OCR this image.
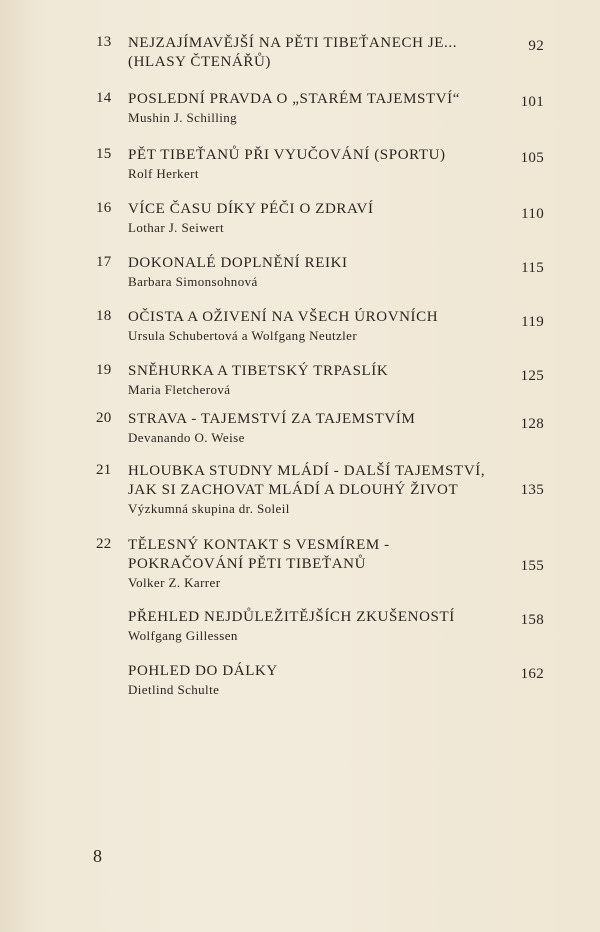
13	NEJZAJÍMAVĚJŠÍ NA PĚTI TIBEŤANECH JE...
(HLASY ČTENÁŘŮ)
92
14	POSLEDNÍ PRAVDA O „STARÉM TAJEMSTVÍ“
Mushin J. Schilling
101
15	PĚT TIBEŤANŮ PŘI VYUČOVÁNÍ (SPORTU)
Rolf Herkert
105
16	VÍCE ČASU DÍKY PÉČI O ZDRAVÍ
Lothar J. Seiwert
110
17	DOKONALÉ DOPLNĚNÍ REIKI
Barbara Simonsohnová
115
18	OČISTA A OŽIVENÍ NA VŠECH ÚROVNÍCH
Ursula Schubertová a Wolfgang Neutzler
119
19	SNĚHURKA A TIBETSKÝ TRPASLÍK
Maria Fletcherová
125
20	STRAVA - TAJEMSTVÍ ZA TAJEMSTVÍM
Devanando O. Weise
128
21	HLOUBKA STUDNY MLÁDÍ - DALŠÍ TAJEMSTVÍ,
JAK SI ZACHOVAT MLÁDÍ A DLOUHÝ ŽIVOT
Výzkumná skupina dr. Soleil
135
22	TĚLESNÝ KONTAKT S VESMÍREM -
POKRAČOVÁNÍ PĚTI TIBEŤANŮ
Volker Z. Karrer
155
PŘEHLED NEJDŮLEŽITĚJŠÍCH ZKUŠENOSTÍ
Wolfgang Gillessen
158
POHLED DO DÁLKY
Dietlind Schulte
162
8
